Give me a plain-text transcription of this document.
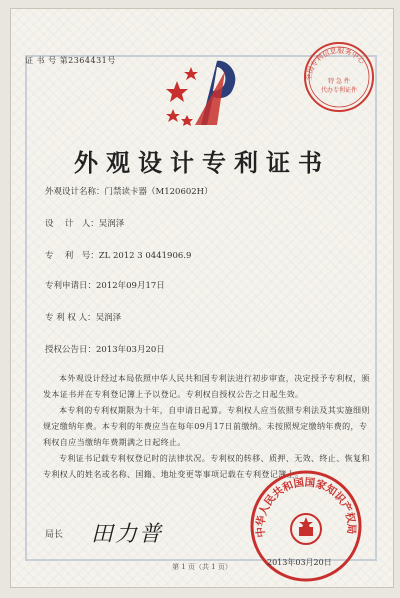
证 书 号 第2364431号
全国专利信息服务中心
特 急 件
代办专利证件
外观设计专利证书
外观设计名称：门禁读卡器（M120602H）
设　 计　人：吴润泽
专　 利　号：ZL 2012 3 0441906.9
专利申请日：2012年09月17日
专 利 权 人：吴润泽
授权公告日：2013年03月20日
本外观设计经过本局依照中华人民共和国专利法进行初步审查，决定授予专利权，颁发本证书并在专利登记簿上予以登记。专利权自授权公告之日起生效。
本专利的专利权期限为十年，自申请日起算。专利权人应当依照专利法及其实施细则规定缴纳年费。本专利的年费应当在每年09月17日前缴纳。未按照规定缴纳年费的，专利权自应当缴纳年费期满之日起终止。
专利证书记载专利权登记时的法律状况。专利权的转移、质押、无效、终止、恢复和专利权人的姓名或名称、国籍、地址变更等事项记载在专利登记簿上。
局长 田力普	中华人民共和国国家知识产权局
2013年03月20日
第 1 页（共 1 页）
